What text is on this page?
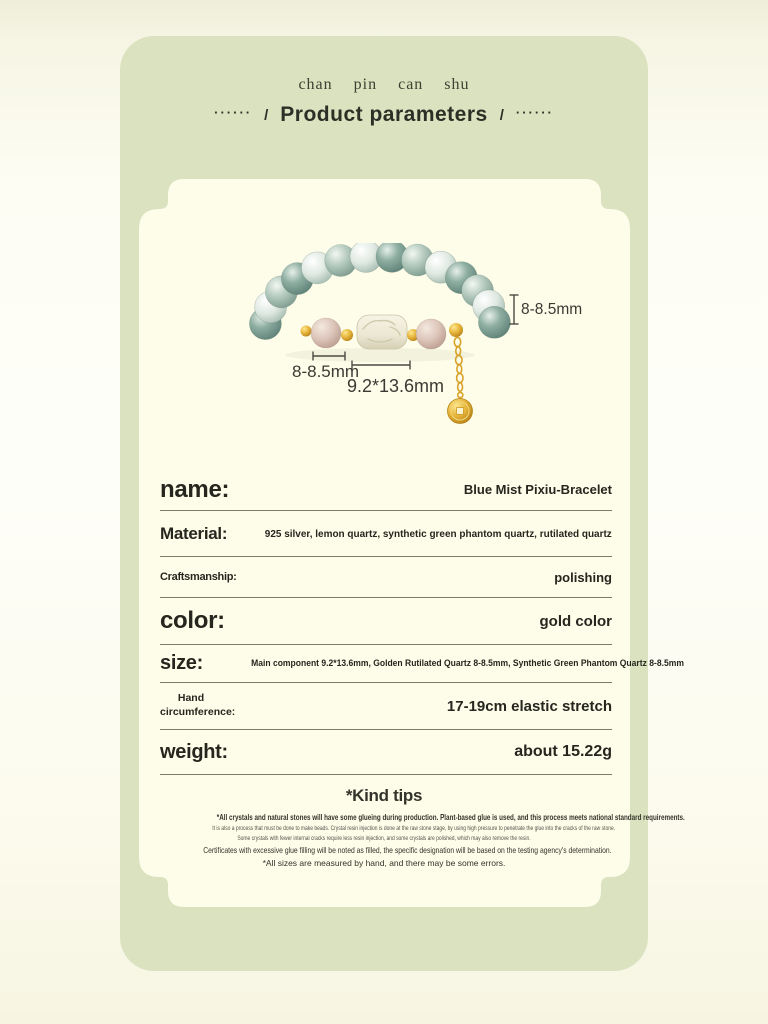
chan pin can shu
······ / Product parameters / ······
8-8.5mm
8-8.5mm
9.2*13.6mm
name:	Blue Mist Pixiu-Bracelet
Material:	925 silver, lemon quartz, synthetic green phantom quartz, rutilated quartz
Craftsmanship:	polishing
color:	gold color
size:	Main component 9.2*13.6mm, Golden Rutilated Quartz 8-8.5mm, Synthetic Green Phantom Quartz 8-8.5mm
Hand circumference:	17-19cm elastic stretch
weight:	about 15.22g
*Kind tips
*All crystals and natural stones will have some glueing during production. Plant-based glue is used, and this process meets national standard requirements.
It is also a process that must be done to make beads. Crystal resin injection is done at the raw stone stage, by using high pressure to penetrate the glue into the cracks of the raw stone.
Some crystals with fewer internal cracks require less resin injection, and some crystals are polished, which may also remove the resin.
Certificates with excessive glue filling will be noted as filled, the specific designation will be based on the testing agency's determination.
*All sizes are measured by hand, and there may be some errors.
